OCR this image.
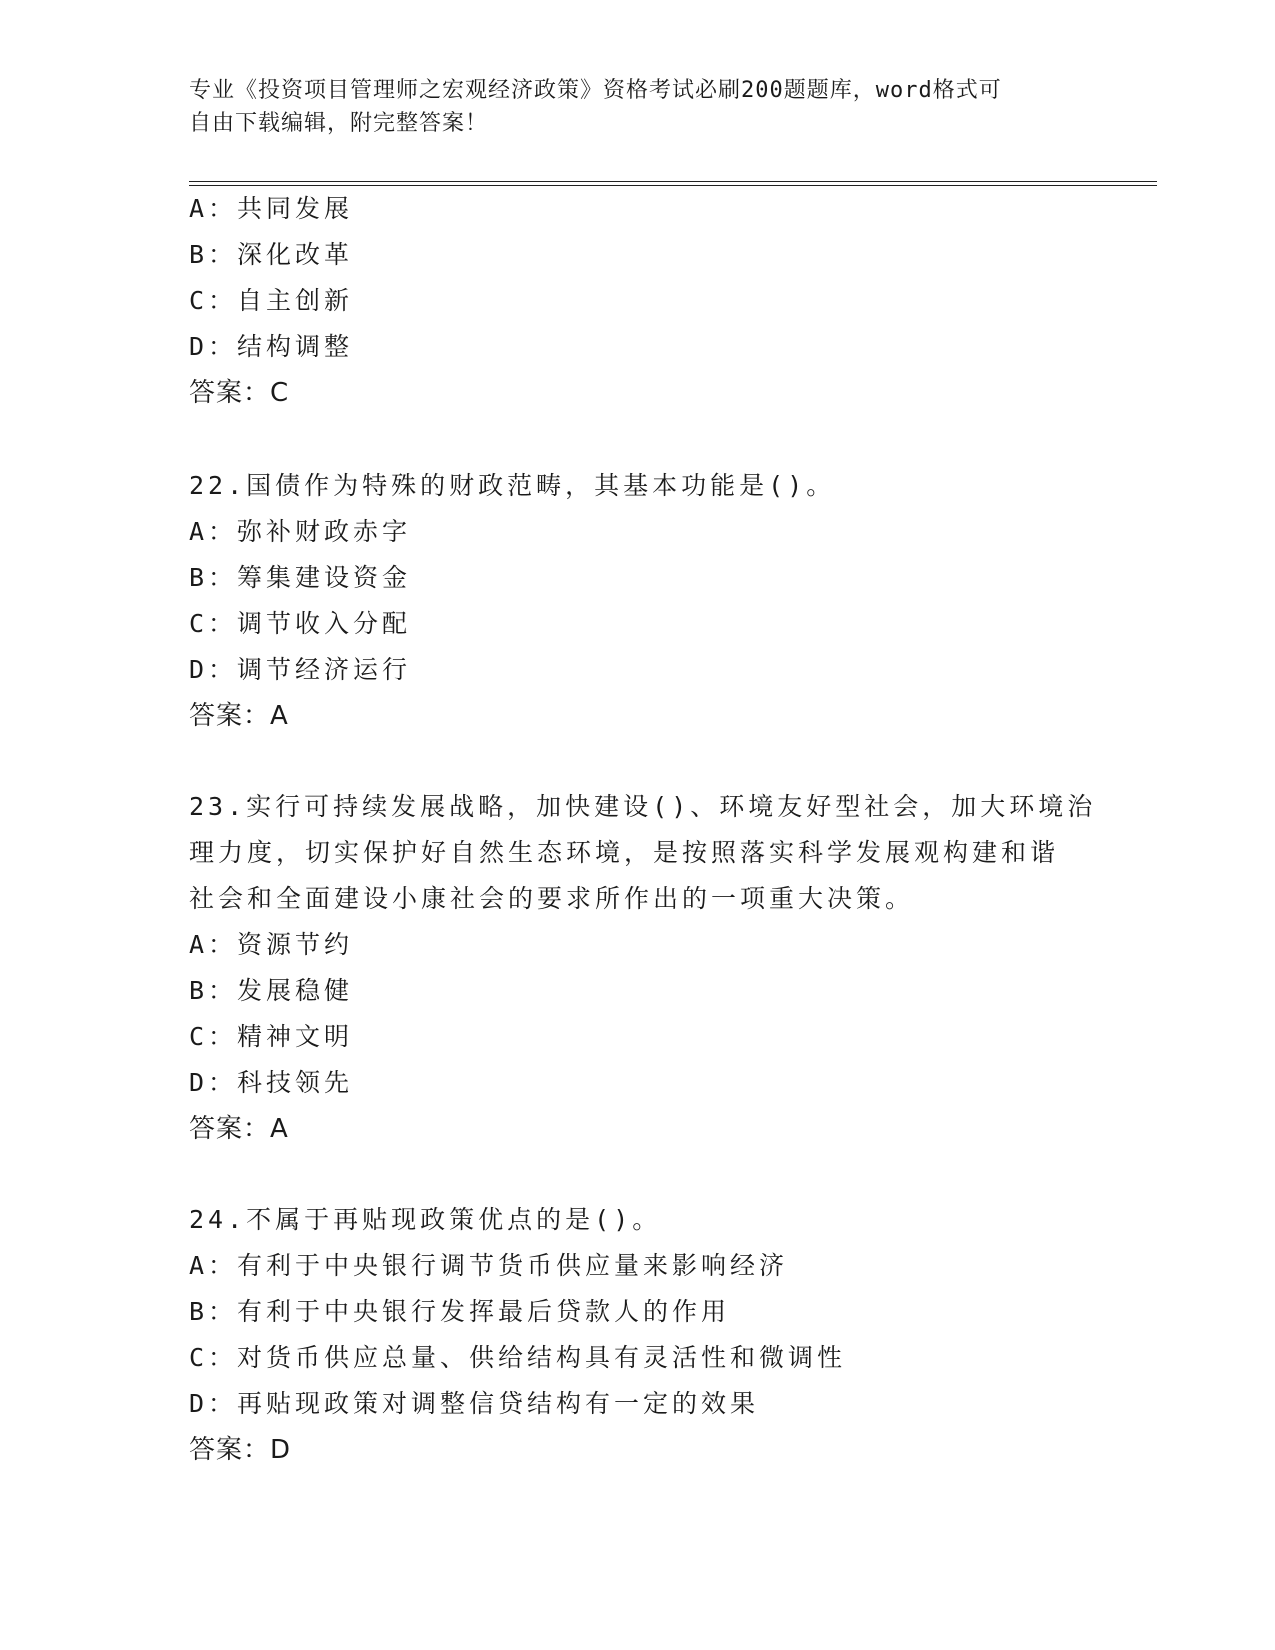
专业《投资项目管理师之宏观经济政策》资格考试必刷200题题库，word格式可
自由下载编辑，附完整答案！
A：共同发展
B：深化改革
C：自主创新
D：结构调整
答案：C
22.国债作为特殊的财政范畴，其基本功能是()。
A：弥补财政赤字
B：筹集建设资金
C：调节收入分配
D：调节经济运行
答案：A
23.实行可持续发展战略，加快建设()、环境友好型社会，加大环境治
理力度，切实保护好自然生态环境，是按照落实科学发展观构建和谐
社会和全面建设小康社会的要求所作出的一项重大决策。
A：资源节约
B：发展稳健
C：精神文明
D：科技领先
答案：A
24.不属于再贴现政策优点的是()。
A：有利于中央银行调节货币供应量来影响经济
B：有利于中央银行发挥最后贷款人的作用
C：对货币供应总量、供给结构具有灵活性和微调性
D：再贴现政策对调整信贷结构有一定的效果
答案：D
